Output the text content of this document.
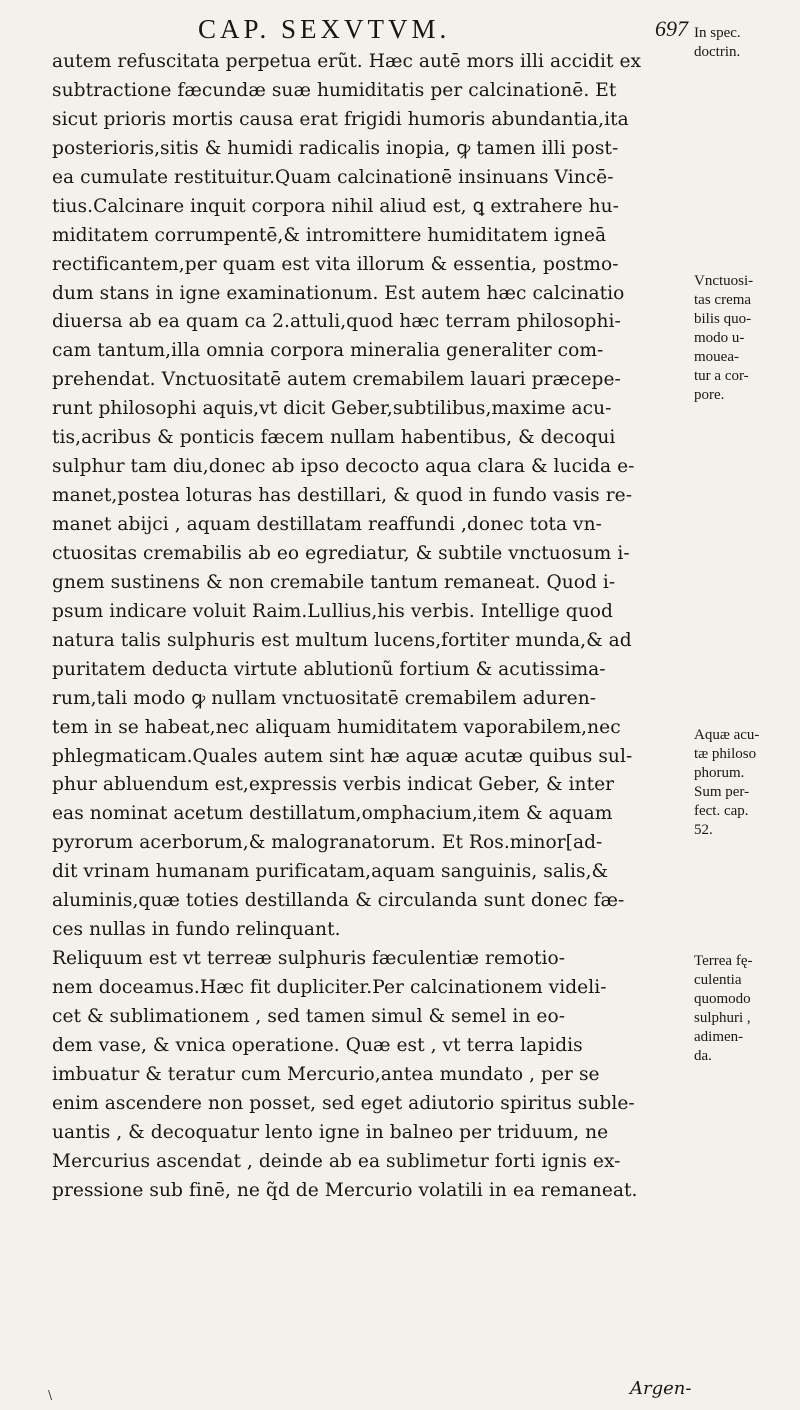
CAP. SEXVTVM.	697
autem refuscitata perpetua erũt. Hæc autē mors illi accidit ex
subtractione fæcundæ suæ humiditatis per calcinationē. Et
sicut prioris mortis causa erat frigidi humoris abundantia,ita
posterioris,sitis & humidi radicalis inopia, ꝙ tamen illi post-
ea cumulate restituitur.Quam calcinationē insinuans Vincē-
tius.Calcinare inquit corpora nihil aliud est, ꝗ extrahere hu-
miditatem corrumpentē,& intromittere humiditatem igneā
rectificantem,per quam est vita illorum & essentia, postmo-
dum stans in igne examinationum. Est autem hæc calcinatio
diuersa ab ea quam ca 2.attuli,quod hæc terram philosophi-
cam tantum,illa omnia corpora mineralia generaliter com-
prehendat. Vnctuositatē autem cremabilem lauari præcepe-
runt philosophi aquis,vt dicit Geber,subtilibus,maxime acu-
tis,acribus & ponticis fæcem nullam habentibus, & decoqui
sulphur tam diu,donec ab ipso decocto aqua clara & lucida e-
manet,postea loturas has destillari, & quod in fundo vasis re-
manet abijci , aquam destillatam reaffundi ,donec tota vn-
ctuositas cremabilis ab eo egrediatur, & subtile vnctuosum i-
gnem sustinens & non cremabile tantum remaneat. Quod i-
psum indicare voluit Raim.Lullius,his verbis. Intellige quod
natura talis sulphuris est multum lucens,fortiter munda,& ad
puritatem deducta virtute ablutionũ fortium & acutissima-
rum,tali modo ꝙ nullam vnctuositatē cremabilem aduren-
tem in se habeat,nec aliquam humiditatem vaporabilem,nec
phlegmaticam.Quales autem sint hæ aquæ acutæ quibus sul-
phur abluendum est,expressis verbis indicat Geber, & inter
eas nominat acetum destillatum,omphacium,item & aquam
pyrorum acerborum,& malogranatorum. Et Ros.minor[ad-
dit vrinam humanam purificatam,aquam sanguinis, salis,&
aluminis,quæ toties destillanda & circulanda sunt donec fæ-
ces nullas in fundo relinquant.
Reliquum est vt terreæ sulphuris fæculentiæ remotio-
nem doceamus.Hæc fit dupliciter.Per calcinationem videli-
cet & sublimationem , sed tamen simul & semel in eo-
dem vase, & vnica operatione. Quæ est , vt terra lapidis
imbuatur & teratur cum Mercurio,antea mundato , per se
enim ascendere non posset, sed eget adiutorio spiritus suble-
uantis , & decoquatur lento igne in balneo per triduum, ne
Mercurius ascendat , deinde ab ea sublimetur forti ignis ex-
pressione sub finē, ne q̃d de Mercurio volatili in ea remaneat.
In spec.
doctrin.
Vnctuosi-
tas crema
bilis quo-
modo u-
mouea-
tur a cor-
pore.
Aquæ acu-
tæ philoso
phorum.
Sum per-
fect. cap.
52.
Terrea fę-
culentia
quomodo
sulphuri ,
adimen-
da.
Argen-
\
